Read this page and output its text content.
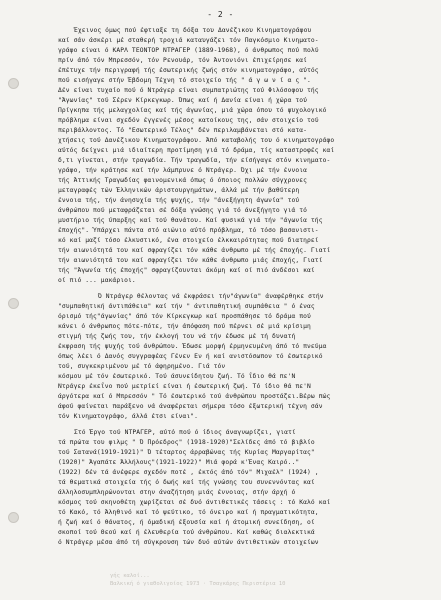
- 2 -
Έχεινος όμως πού έφτιαξε τη δόξα του Δανέζικου Κινηματογράφου
καί σάν άσκέρι μέ σταθερή τροχιά καταυγάζει τόν Παγκόσμιο Κινηματο-
γράφο είναι ό ΚΑΡΛ ΤΕΟΝΤΟΡ ΝΤΡΑΓΕΡ (1889-1968), ό άνθρωπος πού πολύ
πρίν άπό τόν Μπρεσσόν, τόν Ρενουάρ, τόν Άντονιόνι έπιχείρησε καί
έπέτυχε τήν περιγραφή τής έσωτερικής ζωής στόν κινηματογράφο, αύτός
πού εισήγαγε στήν Έβδομη Τέχνη τό στοιχείο τής " ά γ ω ν ί α ς ".
Δέν είναι τυχαίο πού ό Ντράγερ είναι συμπατριώτης τού Φιλόσοφου τής
"Άγωνίας" τού Σέρεν Κίρκεγκωρ. Όπως καί ή Δανία είναι ή χώρα τού
Πρίγκηπα τής μελαγχολίας καί τής άγωνίας, μιά χώρα όπου τό ψυχολογικό
πρόβλημα είναι σχεδόν έγγενές μέσος κατοίκους της, σάν στοιχείο τού
περιβάλλοντος. Τό "Εσωτερικό Τέλος" δέν περιλαμβάνεται στό κατα-
χτήσεις τού Δανέζικου Κινηματογράφου. Άπό καταβολής του ό κινηματογράφο
αύτός δείχνει μιά ιδιαίτερη προτίμηση γιά τό δράμα, τίς καταστροφές καί
δ,τι γίνεται, στήν τραγωδία. Τήν τραγωδία, τήν είσήγαγε στόν κινηματο-
γράφο, τήν κράτησε καί τήν λάμπρυνε ό Ντράγερ. Όχι μέ τήν έννοια
τής Άττικής Τραγωδίας φαινομενικά όπως ό όποιος πολλών σύγχρονες
μεταγραφές τών Έλληνικών άριστουργημάτων, άλλά μέ τήν βαθύτερη
έννοια τής, τήν άνησυχία τής ψυχής, τήν "άνεξήγητη άγωνία" τού
άνθρώπου πού μεταφράζεται σέ δόξα γνώσης γιά τό άνεξήγητο γιά τό
μυστήριο τής ύπαρξης καί τού θανάτου. Καί φυσικά γιά τήν "άγωνία τής
έποχής". Ύπάρχει πάντα στό αιώνιο αύτό πρόβλημα, τό τόσο βασανιστι-
κό καί μαζί τόσο έλκυστικό, ένα στοιχείο έλκκαιρότητας πού διατηρεί
τήν αιωνιότητά του καί σφραγίζει τόν κάθε άνθρωπο μέ τής έποχής. Γιατί
τήν αιωνιότητά του καί σφραγίζει τόν κάθε άνθρωπο μιάς έποχής, Γιατί
τής "Άγωνία τής έποχής" σφραγίζουνται άκόμη καί οί πιό άνδέσοι καί
οί πιό ... μακάριοι.
Ό Ντράγερ θέλοντας νά έκφράσει τήν"άγωνία" άναφέρθηκε στήν
"συμπαθητική άντιπάθεια" καί τήν " άντιπαθητική συμπάθεια " ό ένας
όρισμό τής"άγωνίας" άπό τόν Κίρκεγκωρ καί προσπάθησε τό δράμα πού
κάνει ό άνθρωπος πότε-πότε, τήν άπόφαση πού πέρνει σέ μιά κρίσιμη
στιγμή τής ζωής του, τήν έκλογή του νά τήν έδωσε μέ τή δυνατή
έκφραση τής ψυχής τού άνθρώπου. Έδωσε μορφή έρμηνευμένη άπό τό πνεύμα
όπως λέει ό Δανός συγγραφέας Γένεν Εν ή καί ανιστόσωπον τό έσωτερικό
τού, συγκεκριμένου μέ τό άφηρημένο. Γιά τόν
κόσμου μέ τόν έσωτερικό. Τού άσυνείδητου ζωή. Τό ΐδιο θά πε'Ν
Ντράγερ έκεΐνο πού μετρίεί είναι ή έσωτερική ζωή. Τό ίδιο θά πε'Ν
άργότερα καί ό Μπρεσσόν " Τό έσωτερικό τού άνθρώπου προστάζει.Βέρω πώς
άφού φαίνεται παράξενο νά άναφέρεται σήμερα τόσο έξωτερική τέχνη σάν
τόν Κινηματογράφο, άλλά έτσι είναι".
Στό Έργο τού ΝΤΡΑΓΕΡ, αύτό πού ό ίδιος άναγνωρίζει, γιατί
τά πρώτα του φιλμς " Ό Πρόεδρος" (1918-1920)"Σελίδες άπό τό βιβλίο
τού Σατανά(1919-1921)" Ό τέταρτος άρραβώνας τής Κυρίας Μαργαρίτας"
(1920)" Άγαπάτε Άλλήλους"(1921-1922)" Μιά φορά κ'Ένας Καιρό.."
(1922) δέν τά άνέφερε σχεδόν ποτέ , έκτός άπό τόν" Μιχαέλ" (1924) ,
τά θεματικά στοιχεία τής ό δωής καί τής γνώσης του συνεννόντας καί
άλληλοσυμπληρώνονται στην άναζήτηση μιάς έννοιας, στήν άρχή ό
κόσμος τού σκηνοθέτη χωρίζεται σέ δυό άντιθετικές τάσεις : τό Καλό καί
τό Κακό, τό Άληθινό καί τό ψεύτικο, τό όνειρο καί ή πραγματικότητα,
ή ζωή καί ό θάνατος, ή όμαδική έξουσία καί ή άτομική συνείδηση, οί
σκοποί τού Θεού καί ή έλευθερία τού άνθρώπου. Καί καθώς διαλεκτικά
ό Ντράγερ μέσα άπό τή σύγκρουση τών δυό αύτών άντιθετικών στοιχείων
γής καλοί...
Βαλκική ό γιαθολιγοίος 1973 · Τσαγκάρης Περιστέρια 10
